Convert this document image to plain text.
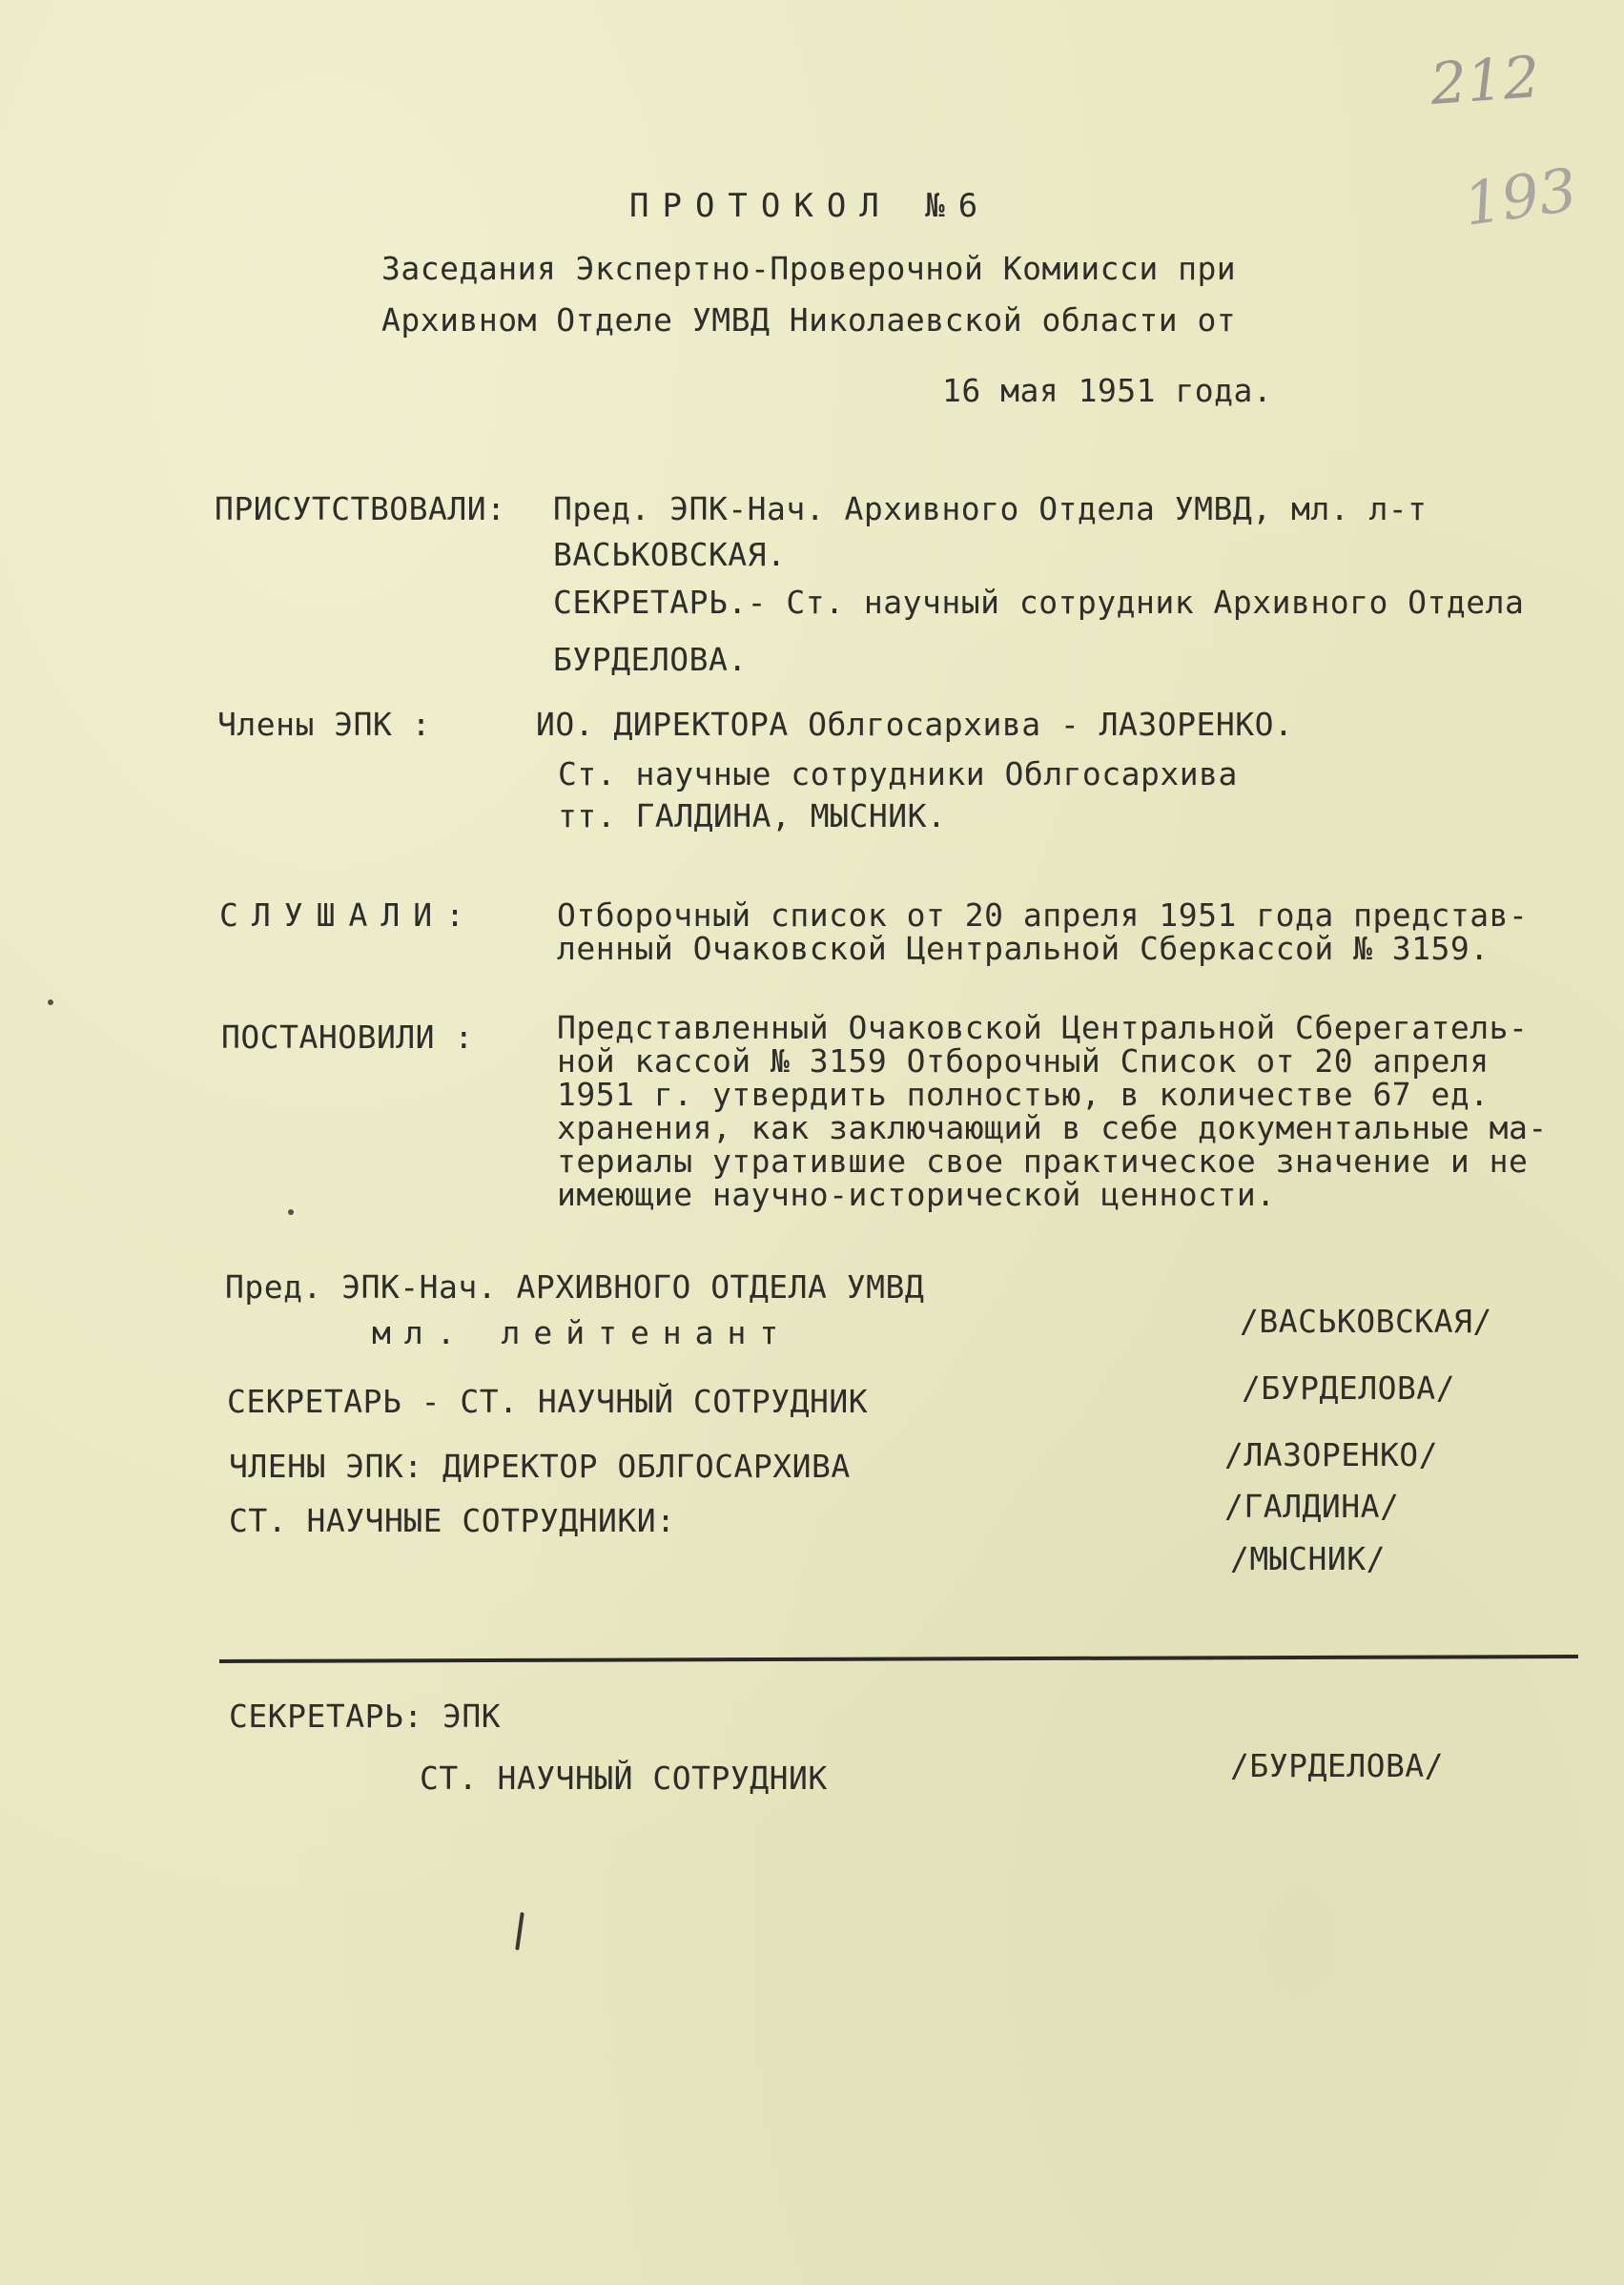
212
193
ПРОТОКОЛ №6
Заседания Экспертно-Проверочной Комиисси при
Архивном Отделе УМВД Николаевской области от
16 мая 1951 года.
ПРИСУТСТВОВАЛИ: Пред. ЭПК-Нач. Архивного Отдела УМВД, мл. л-т
ВАСЬКОВСКАЯ.
СЕКРЕТАРЬ.- Ст. научный сотрудник Архивного Отдела
БУРДЕЛОВА.
Члены ЭПК :	ИО. ДИРЕКТОРА Облгосархива - ЛАЗОРЕНКО.
Ст. научные сотрудники Облгосархива
тт. ГАЛДИНА, МЫСНИК.
СЛУШАЛИ:	Отборочный список от 20 апреля 1951 года представ-
ленный Очаковской Центральной Сберкассой № 3159.
ПОСТАНОВИЛИ :	Представленный Очаковской Центральной Сберегатель-
ной кассой № 3159 Отборочный Список от 20 апреля
1951 г. утвердить полностью, в количестве 67 ед.
хранения, как заключающий в себе документальные ма-
териалы утратившие свое практическое значение и не
имеющие научно-исторической ценности.
Пред. ЭПК-Нач. АРХИВНОГО ОТДЕЛА УМВД
мл. лейтенант	/ВАСЬКОВСКАЯ/
СЕКРЕТАРЬ - СТ. НАУЧНЫЙ СОТРУДНИК	/БУРДЕЛОВА/
ЧЛЕНЫ ЭПК: ДИРЕКТОР ОБЛГОСАРХИВА	/ЛАЗОРЕНКО/
СТ. НАУЧНЫЕ СОТРУДНИКИ:	/ГАЛДИНА/
/МЫСНИК/
СЕКРЕТАРЬ: ЭПК
СТ. НАУЧНЫЙ СОТРУДНИК	/БУРДЕЛОВА/
